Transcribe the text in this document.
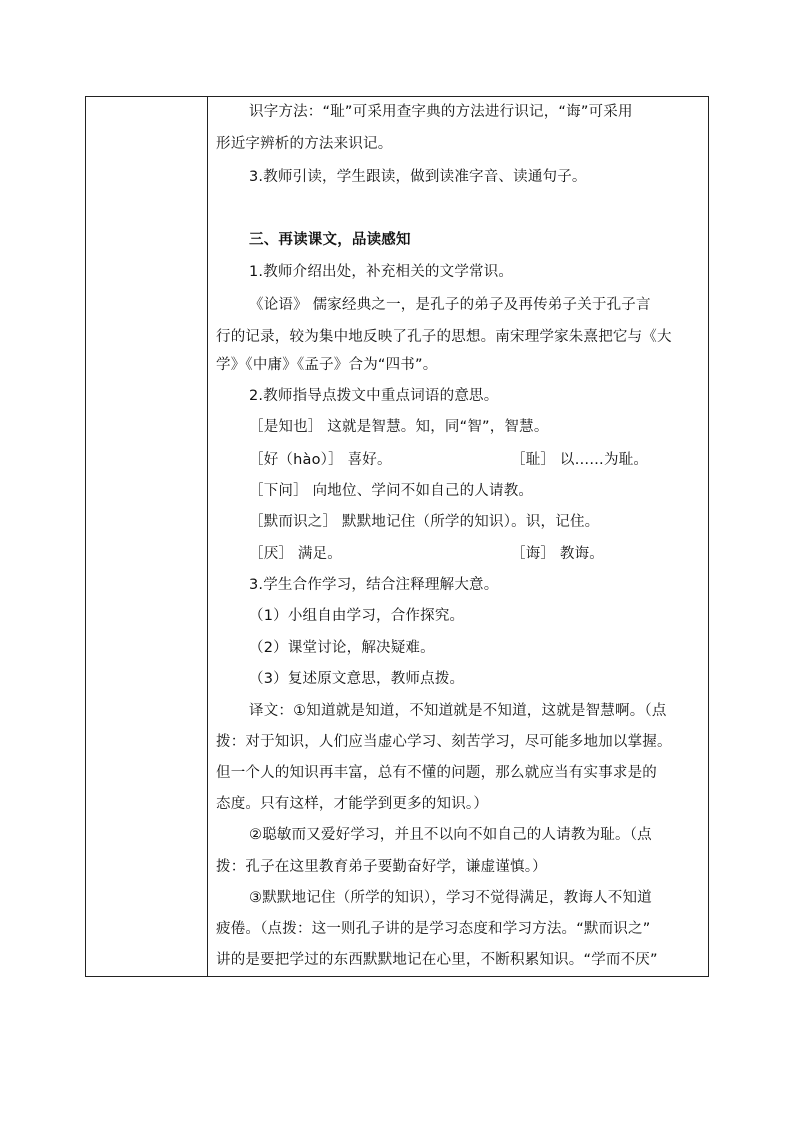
识字方法：“耻”可采用查字典的方法进行识记，“诲”可采用
形近字辨析的方法来识记。
3.教师引读，学生跟读，做到读准字音、读通句子。
三、再读课文，品读感知
1.教师介绍出处，补充相关的文学常识。
《论语》 儒家经典之一，是孔子的弟子及再传弟子关于孔子言
行的记录，较为集中地反映了孔子的思想。南宋理学家朱熹把它与《大
学》《中庸》《孟子》合为“四书”。
2.教师指导点拨文中重点词语的意思。
［是知也］ 这就是智慧。知，同“智”，智慧。
［好（hào）］ 喜好。	［耻］ 以……为耻。
［下问］ 向地位、学问不如自己的人请教。
［默而识之］ 默默地记住（所学的知识）。识，记住。
［厌］ 满足。	［诲］ 教诲。
3.学生合作学习，结合注释理解大意。
（1）小组自由学习，合作探究。
（2）课堂讨论，解决疑难。
（3）复述原文意思，教师点拨。
译文：①知道就是知道，不知道就是不知道，这就是智慧啊。（点
拨：对于知识，人们应当虚心学习、刻苦学习，尽可能多地加以掌握。
但一个人的知识再丰富，总有不懂的问题，那么就应当有实事求是的
态度。只有这样，才能学到更多的知识。）
②聪敏而又爱好学习，并且不以向不如自己的人请教为耻。（点
拨：孔子在这里教育弟子要勤奋好学，谦虚谨慎。）
③默默地记住（所学的知识），学习不觉得满足，教诲人不知道
疲倦。（点拨：这一则孔子讲的是学习态度和学习方法。“默而识之”
讲的是要把学过的东西默默地记在心里，不断积累知识。“学而不厌”
